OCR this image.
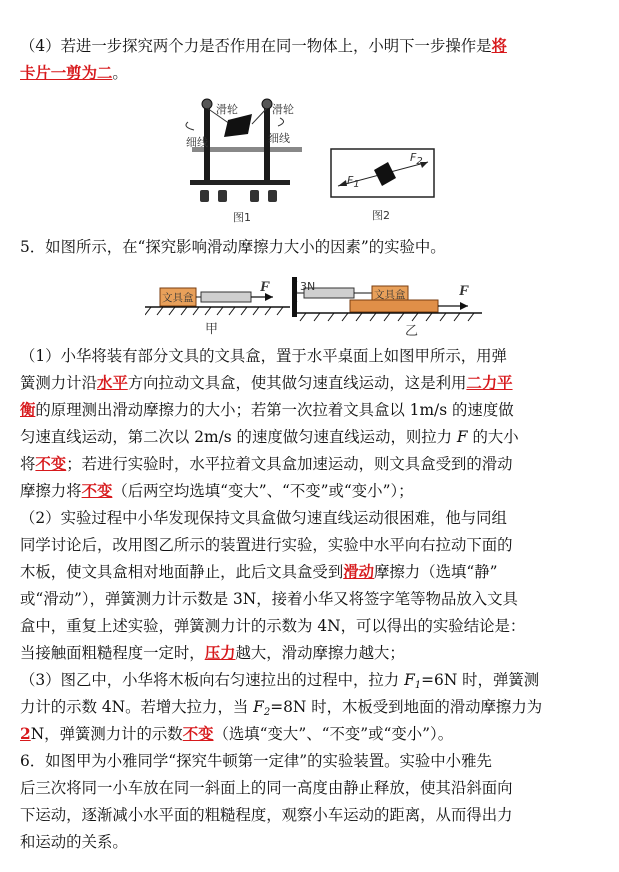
（4）若进一步探究两个力是否作用在同一物体上，小明下一步操作是将
卡片一剪为二。
滑轮	滑轮
细线	细线
图1
F1
F2
图2
5．如图所示，在“探究影响滑动摩擦力大小的因素”的实验中。
文具盒
F
甲
3N
文具盒	F
乙
（1）小华将装有部分文具的文具盒，置于水平桌面上如图甲所示，用弹
簧测力计沿水平方向拉动文具盒，使其做匀速直线运动，这是利用二力平
衡的原理测出滑动摩擦力的大小；若第一次拉着文具盒以 1m/s 的速度做
匀速直线运动，第二次以 2m/s 的速度做匀速直线运动，则拉力 F 的大小
将不变；若进行实验时，水平拉着文具盒加速运动，则文具盒受到的滑动
摩擦力将不变（后两空均选填“变大”、“不变”或“变小”）；
（2）实验过程中小华发现保持文具盒做匀速直线运动很困难，他与同组
同学讨论后，改用图乙所示的装置进行实验，实验中水平向右拉动下面的
木板，使文具盒相对地面静止，此后文具盒受到滑动摩擦力（选填“静”
或“滑动”），弹簧测力计示数是 3N，接着小华又将签字笔等物品放入文具
盒中，重复上述实验，弹簧测力计的示数为 4N，可以得出的实验结论是：
当接触面粗糙程度一定时，压力越大，滑动摩擦力越大；
（3）图乙中，小华将木板向右匀速拉出的过程中，拉力 $F_1=6N$ 时，弹簧测
力计的示数 4N。若增大拉力，当 $F_2=8N$ 时，木板受到地面的滑动摩擦力为
2N，弹簧测力计的示数不变（选填“变大”、“不变”或“变小”）。
6．如图甲为小雅同学“探究牛顿第一定律”的实验装置。实验中小雅先
后三次将同一小车放在同一斜面上的同一高度由静止释放，使其沿斜面向
下运动，逐渐减小水平面的粗糙程度，观察小车运动的距离，从而得出力
和运动的关系。
